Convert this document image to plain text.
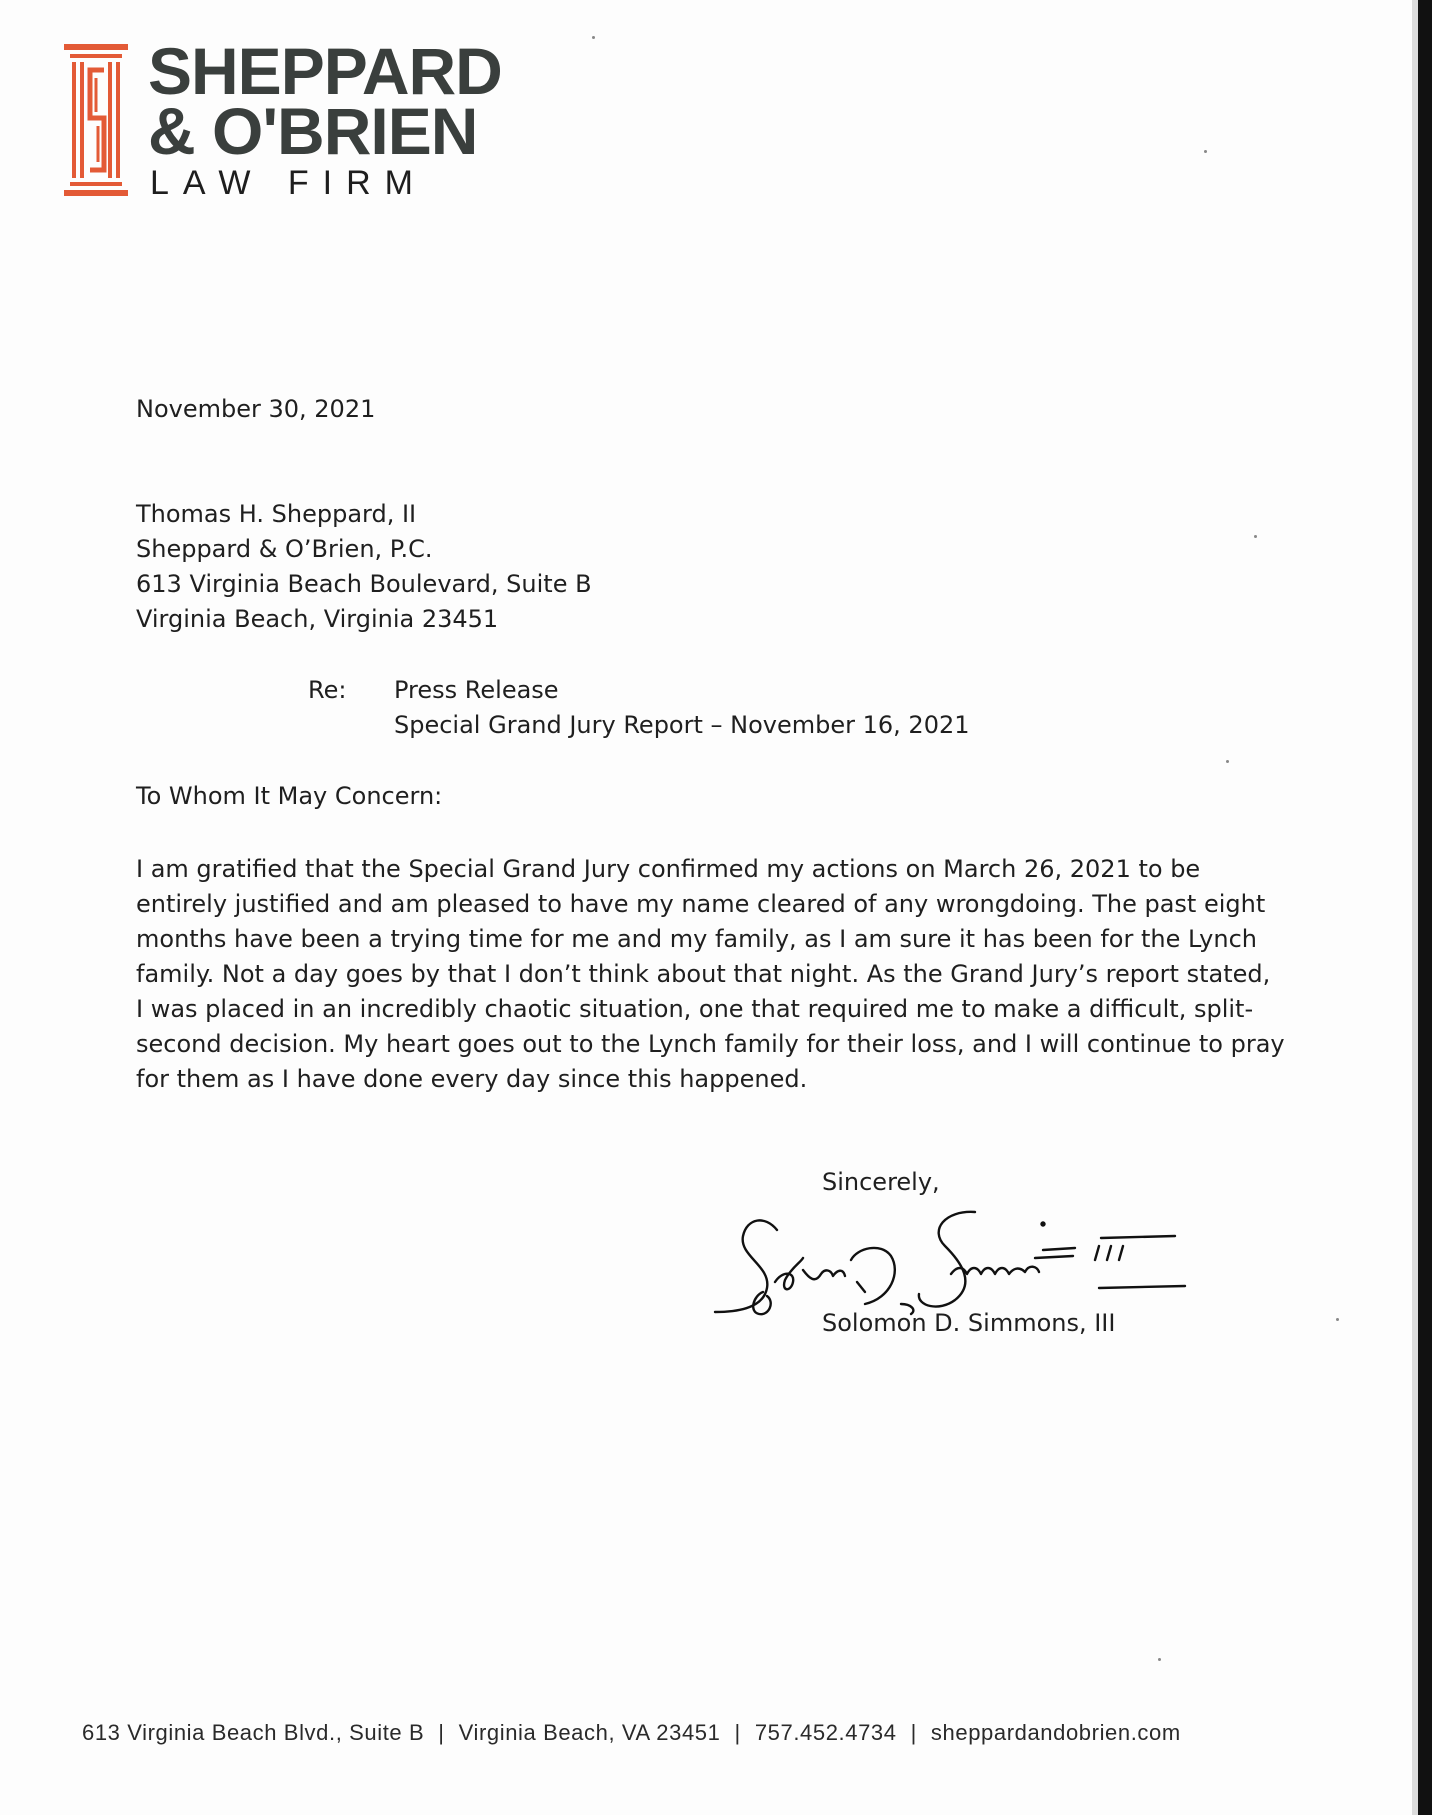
SHEPPARD
& O'BRIEN
LAW FIRM
November 30, 2021
Thomas H. Sheppard, II
Sheppard & O’Brien, P.C.
613 Virginia Beach Boulevard, Suite B
Virginia Beach, Virginia 23451
Re: Press Release
Special Grand Jury Report – November 16, 2021
To Whom It May Concern:
I am gratified that the Special Grand Jury confirmed my actions on March 26, 2021 to be
entirely justified and am pleased to have my name cleared of any wrongdoing. The past eight
months have been a trying time for me and my family, as I am sure it has been for the Lynch
family. Not a day goes by that I don’t think about that night. As the Grand Jury’s report stated,
I was placed in an incredibly chaotic situation, one that required me to make a difficult, split-
second decision. My heart goes out to the Lynch family for their loss, and I will continue to pray
for them as I have done every day since this happened.
Sincerely,
Solomon D. Simmons, III
613 Virginia Beach Blvd., Suite B | Virginia Beach, VA 23451 | 757.452.4734 | sheppardandobrien.com
